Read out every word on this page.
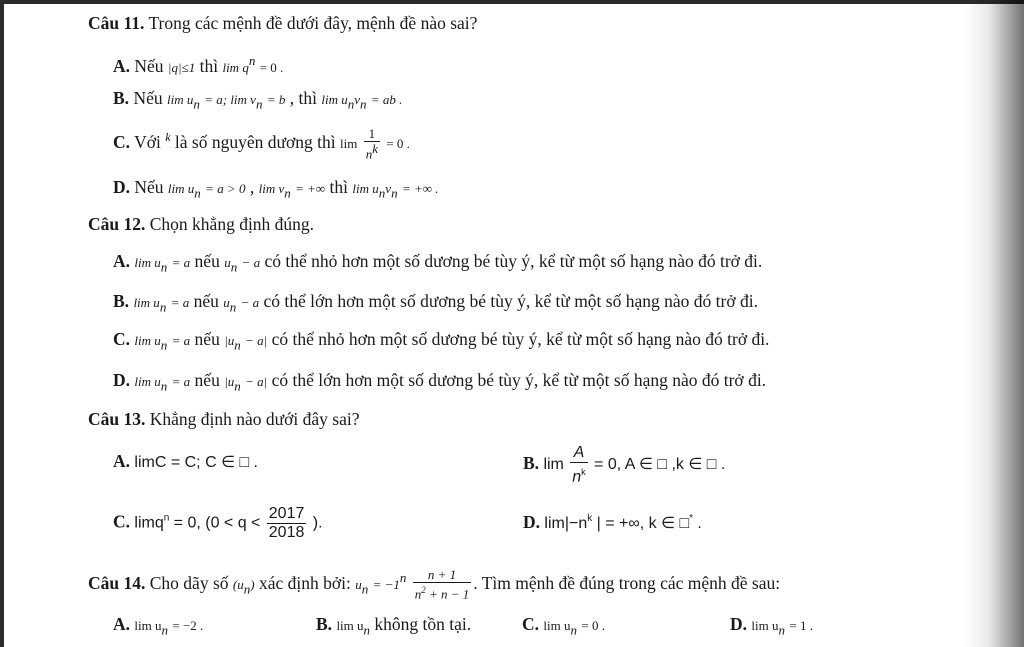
Câu 11. Trong các mệnh đề dưới đây, mệnh đề nào sai?
A. Nếu |q|≤1 thì $\lim q^n = 0$ .
B. Nếu $\lim u_n = a$; $\lim v_n = b$ , thì $\lim u_nv_n$ = ab .
C. Với $^k$ là số nguyên dương thì $\lim \frac{1}{n^k} = 0$ .
D. Nếu $\lim u_n = a > 0$ , $\lim v_n$ = +∞ thì $\lim u_nv_n$ = +∞ .
Câu 12. Chọn khẳng định đúng.
A. $\lim u_n = a$ nếu $u_n - a$ có thể nhỏ hơn một số dương bé tùy ý, kể từ một số hạng nào đó trở đi.
B. $\lim u_n = a$ nếu $u_n - a$ có thể lớn hơn một số dương bé tùy ý, kể từ một số hạng nào đó trở đi.
C. $\lim u_n = a$ nếu $|u_n - a|$ có thể nhỏ hơn một số dương bé tùy ý, kể từ một số hạng nào đó trở đi.
D. $\lim u_n = a$ nếu $|u_n - a|$ có thể lớn hơn một số dương bé tùy ý, kể từ một số hạng nào đó trở đi.
Câu 13. Khẳng định nào dưới đây sai?
A. limC = C; C ∈ □ .	B. $\lim \frac{A}{n^k} = 0$, A ∈ □ ,k ∈ □ .
C. limq$^n$ = 0, ($0 < q < \frac{2017}{2018}$ ).	D. $\lim|-n^k$ | = +∞, k ∈ □* .
Câu 14. Cho dãy số $(u_n)$ xác định bởi: $u_n = -1^n \frac{n + 1}{n^2 + n - 1}$ . Tìm mệnh đề đúng trong các mệnh đề sau:
A. $\lim u_n = -2$ .	B. $\lim u_n$ không tồn tại.	C. $\lim u_n = 0$ .	D. $\lim u_n = 1$ .
